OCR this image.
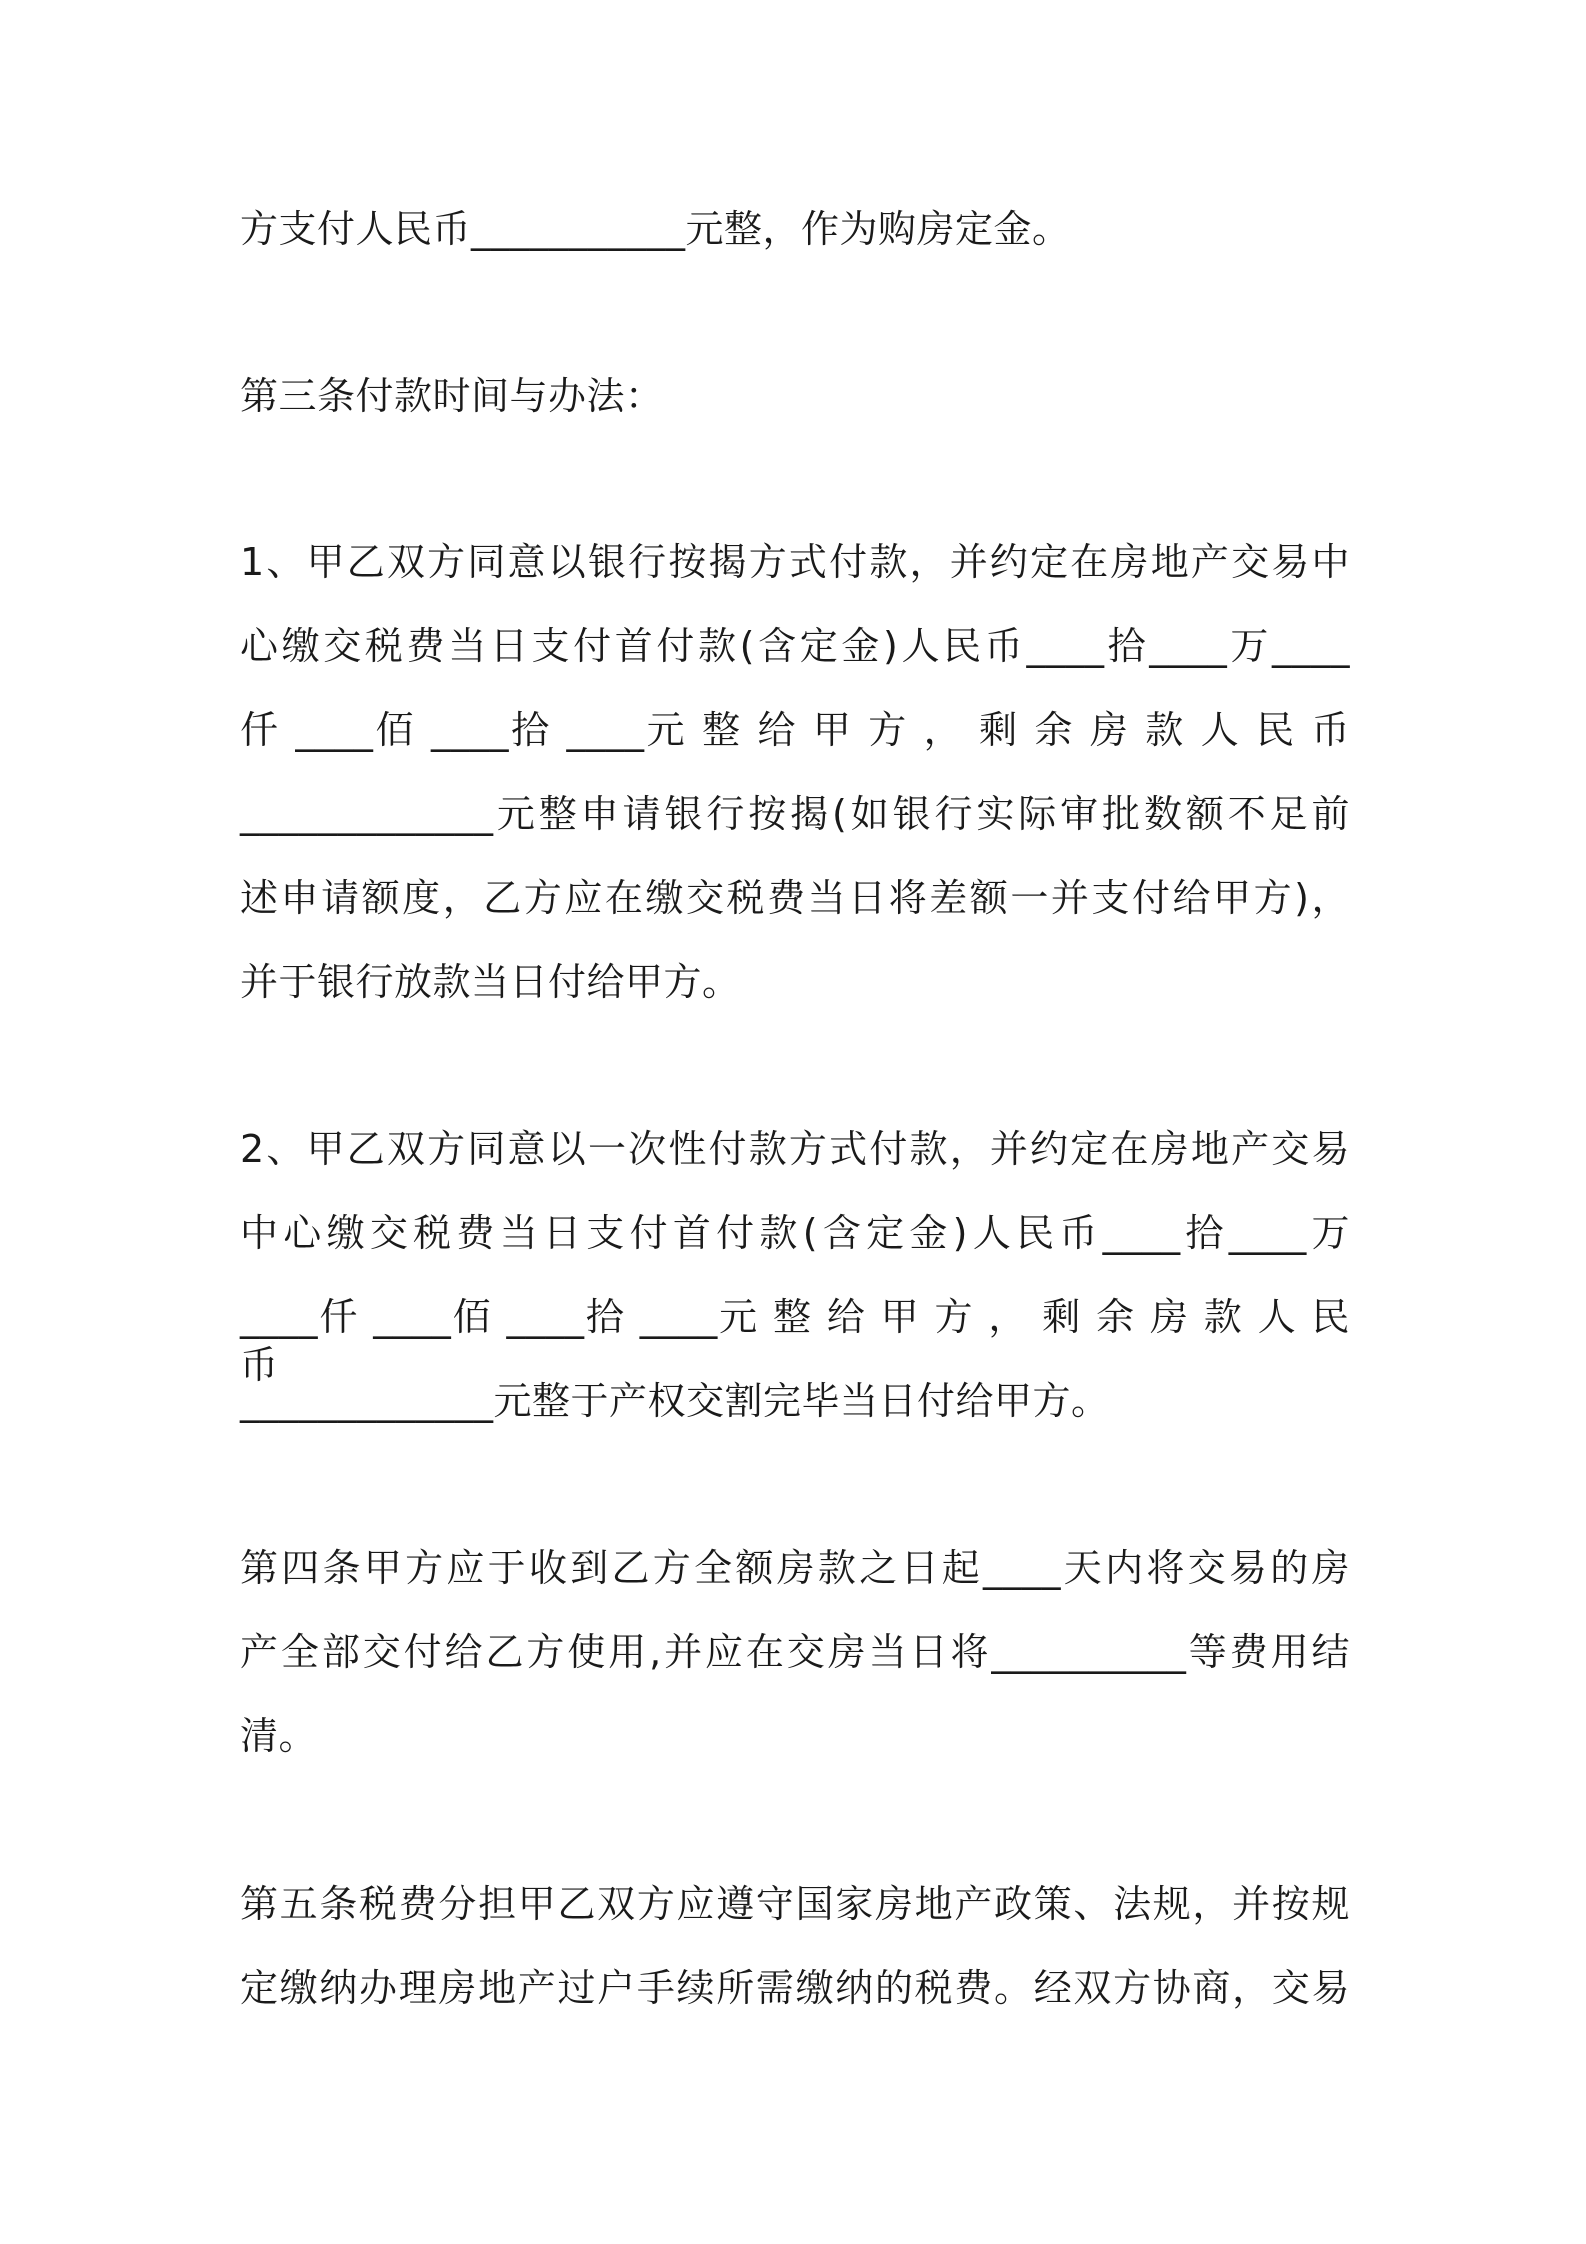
方支付人民币___________元整，作为购房定金。
第三条付款时间与办法：
1、甲乙双方同意以银行按揭方式付款，并约定在房地产交易中
心缴交税费当日支付首付款(含定金)人民币____拾____万____
仟 ____佰 ____拾 ____元 整 给 甲 方 ， 剩 余 房 款 人 民 币
_____________元整申请银行按揭(如银行实际审批数额不足前
述申请额度，乙方应在缴交税费当日将差额一并支付给甲方)，
并于银行放款当日付给甲方。
2、甲乙双方同意以一次性付款方式付款，并约定在房地产交易
中心缴交税费当日支付首付款(含定金)人民币____拾____万
____仟 ____佰 ____拾 ____元 整 给 甲 方 ， 剩 余 房 款 人 民 币
_____________元整于产权交割完毕当日付给甲方。
第四条甲方应于收到乙方全额房款之日起____天内将交易的房
产全部交付给乙方使用,并应在交房当日将__________等费用结
清。
第五条税费分担甲乙双方应遵守国家房地产政策、法规，并按规
定缴纳办理房地产过户手续所需缴纳的税费。经双方协商，交易
